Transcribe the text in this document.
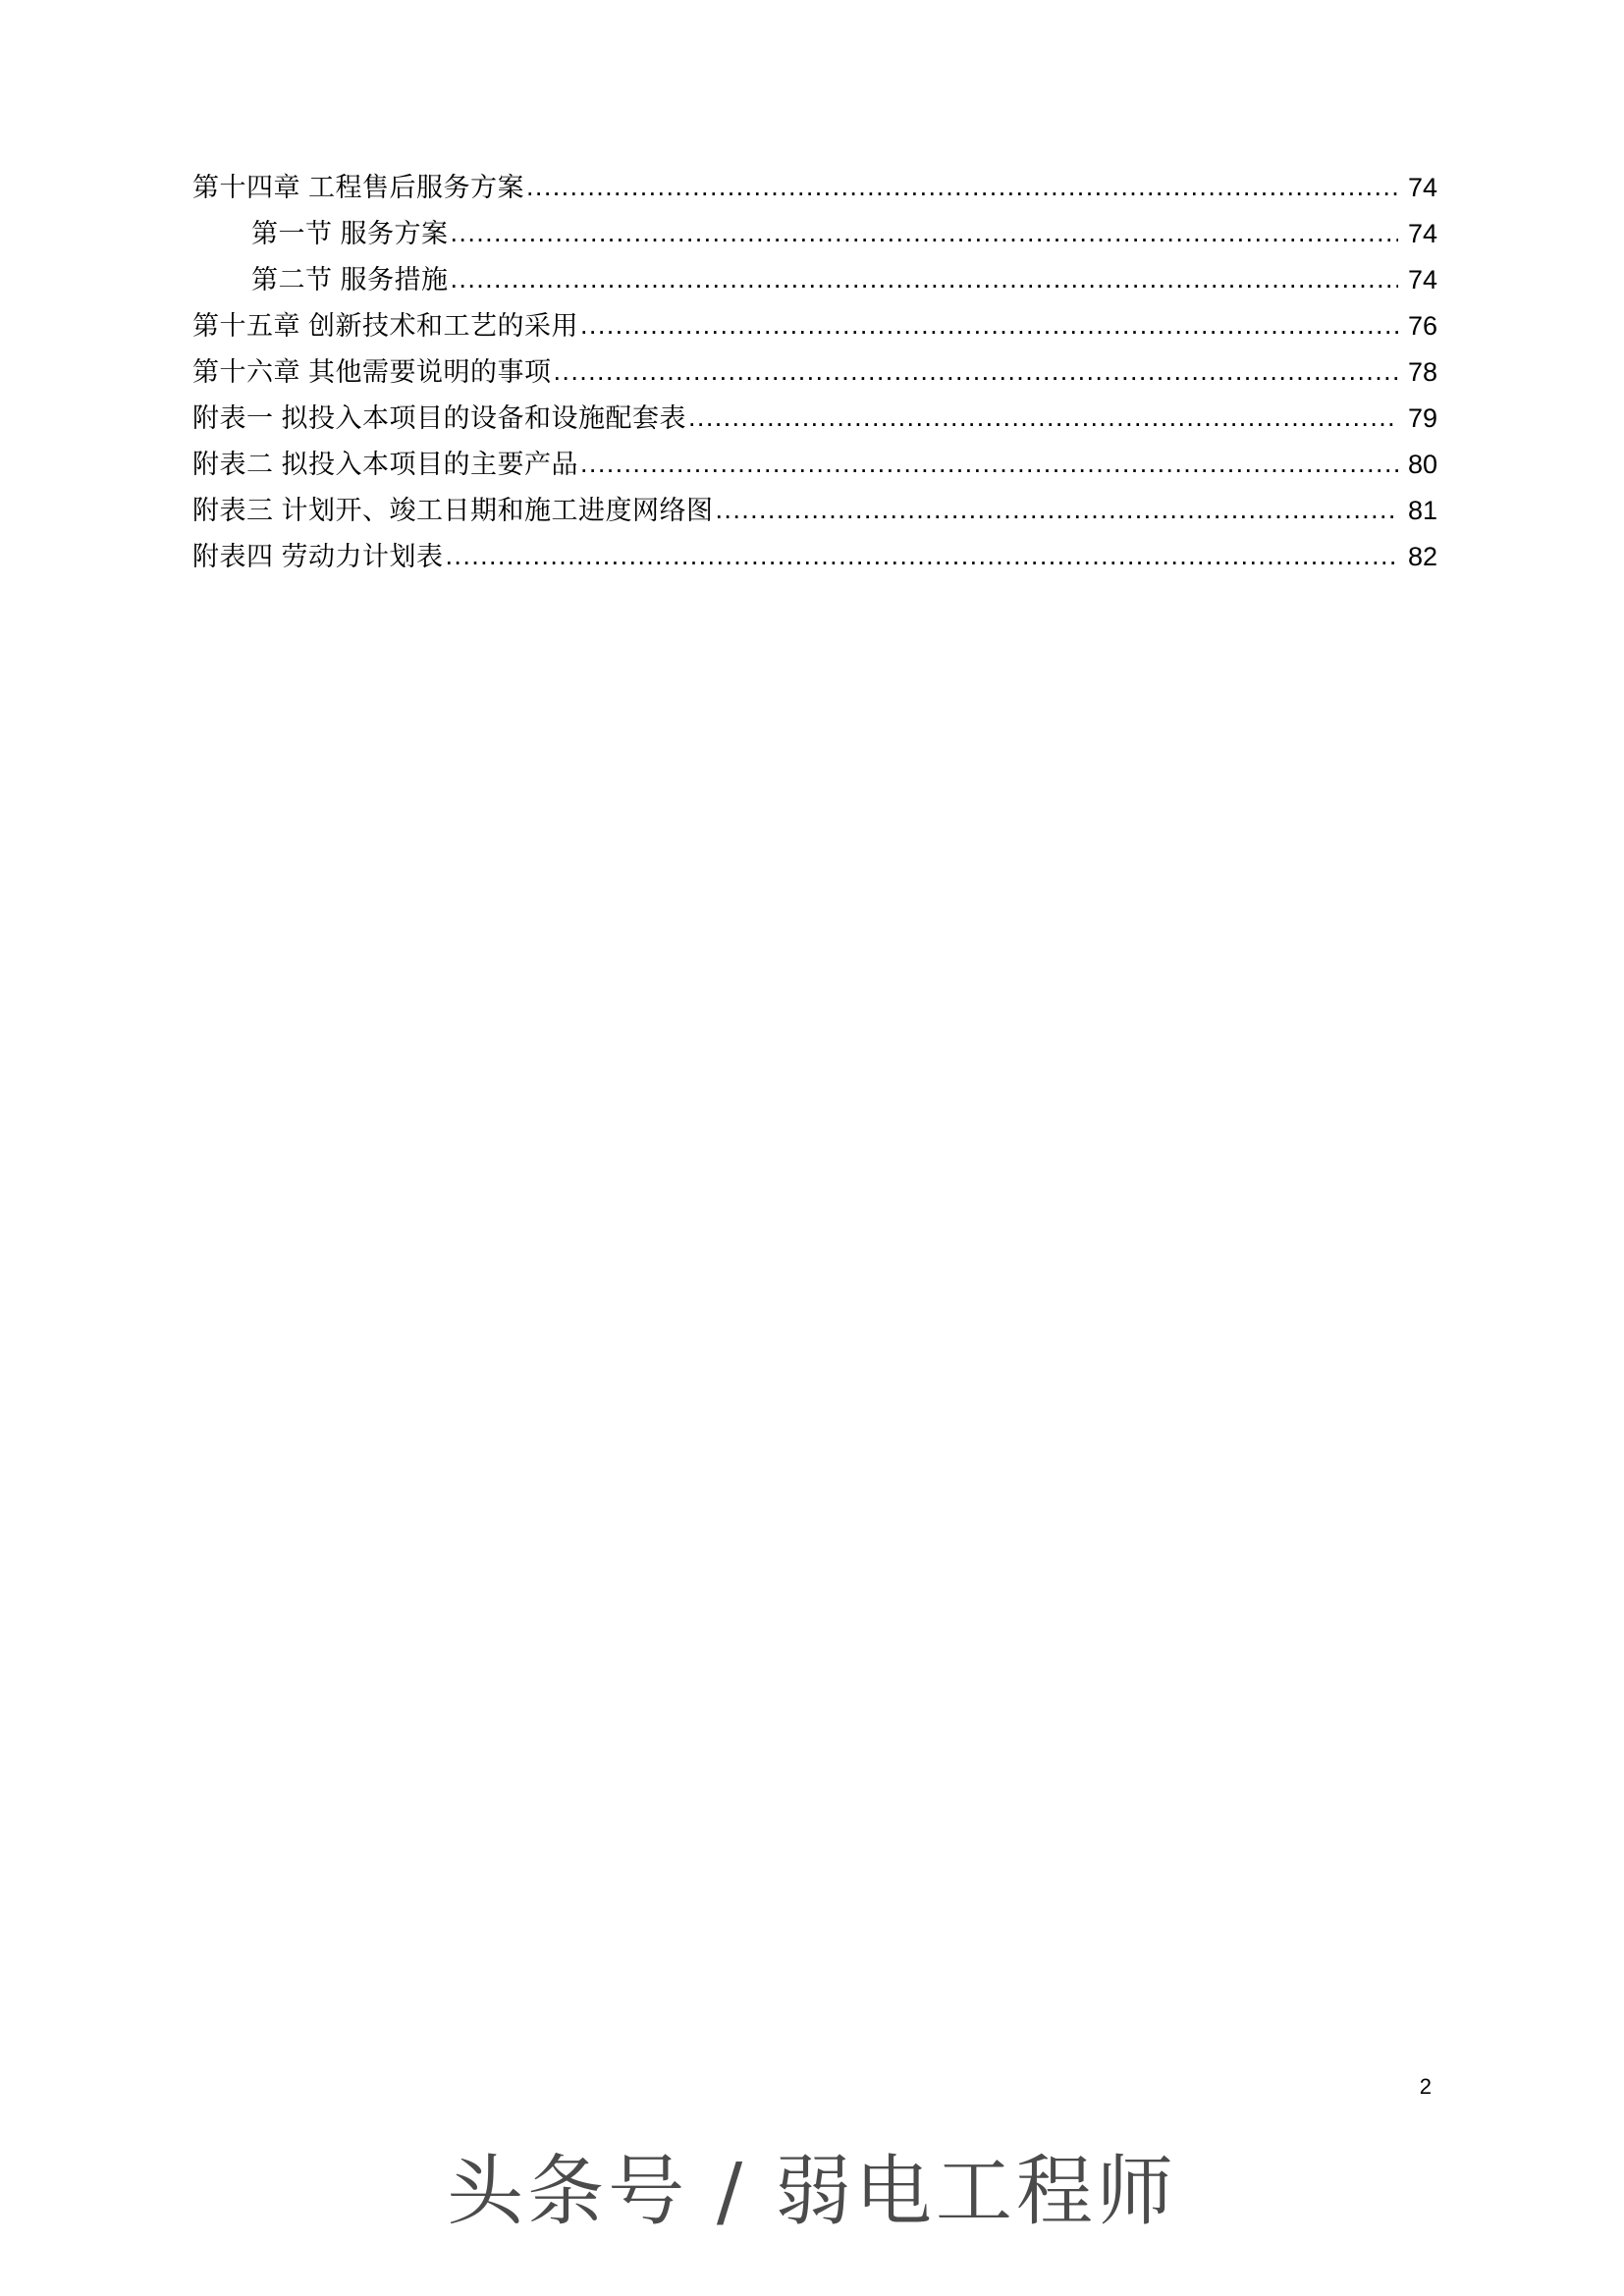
第十四章 工程售后服务方案 .....	74
第一节 服务方案 .....	74
第二节 服务措施 .....	74
第十五章 创新技术和工艺的采用 .....	76
第十六章 其他需要说明的事项 .....	78
附表一 拟投入本项目的设备和设施配套表 .....	79
附表二 拟投入本项目的主要产品 .....	80
附表三 计划开、竣工日期和施工进度网络图 .....	81
附表四 劳动力计划表 .....	82
2
头条号 / 弱电工程师
